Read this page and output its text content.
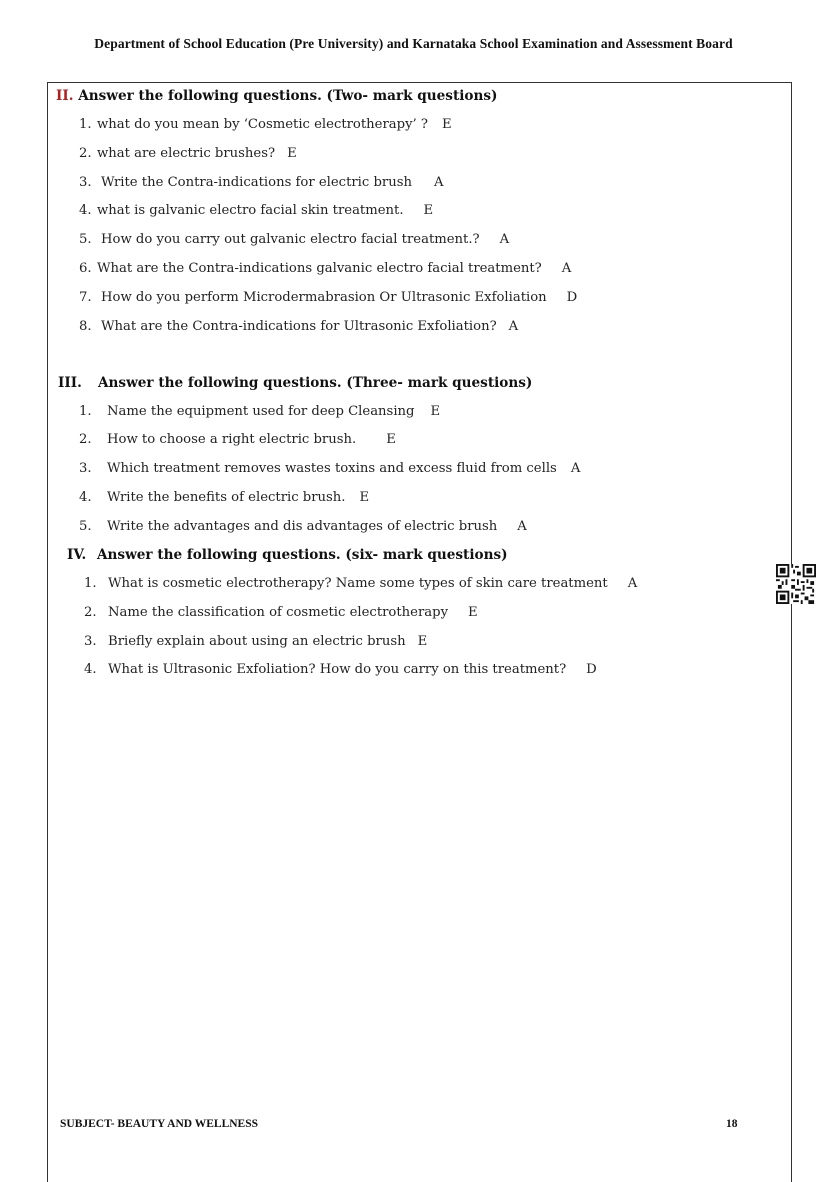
Department of School Education (Pre University) and Karnataka School Examination and Assessment Board
II. Answer the following questions. (Two- mark questions)
1. what do you mean by ‘Cosmetic electrotherapy’ ? E
2. what are electric brushes? E
3. Write the Contra-indications for electric brush A
4. what is galvanic electro facial skin treatment. E
5. How do you carry out galvanic electro facial treatment.? A
6. What are the Contra-indications galvanic electro facial treatment? A
7. How do you perform Microdermabrasion Or Ultrasonic Exfoliation D
8. What are the Contra-indications for Ultrasonic Exfoliation? A
III. Answer the following questions. (Three- mark questions)
1. Name the equipment used for deep Cleansing E
2. How to choose a right electric brush. E
3. Which treatment removes wastes toxins and excess fluid from cells A
4. Write the benefits of electric brush. E
5. Write the advantages and dis advantages of electric brush A
IV. Answer the following questions. (six- mark questions)
1. What is cosmetic electrotherapy? Name some types of skin care treatment A
2. Name the classification of cosmetic electrotherapy E
3. Briefly explain about using an electric brush E
4. What is Ultrasonic Exfoliation? How do you carry on this treatment? D
SUBJECT- BEAUTY AND WELLNESS	18
